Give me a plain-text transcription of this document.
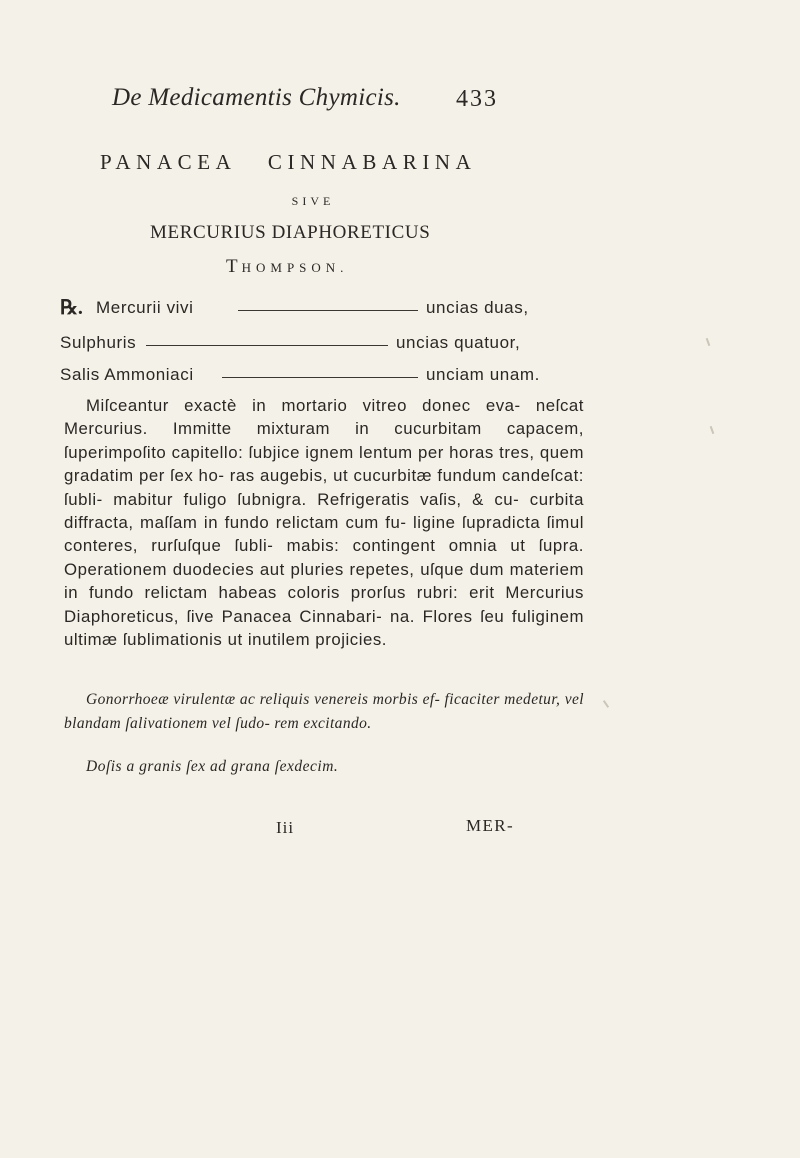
De Medicamentis Chymicis. 433
PANACEA   CINNABARINA
SIVE
MERCURIUS DIAPHORETICUS
THOMPSON.
℞. Mercurii vivi	uncias duas,
Sulphuris	uncias quatuor,
Salis Ammoniaci	unciam unam.
Miſceantur exactè in mortario vitreo donec eva- neſcat Mercurius. Immitte mixturam in cucurbitam capacem, ſuperimpoſito capitello: ſubjice ignem lentum per horas tres, quem gradatim per ſex ho- ras augebis, ut cucurbitæ fundum candeſcat: ſubli- mabitur fuligo ſubnigra. Refrigeratis vaſis, & cu- curbita diffracta, maſſam in fundo relictam cum fu- ligine ſupradicta ſimul conteres, rurſuſque ſubli- mabis: contingent omnia ut ſupra. Operationem duodecies aut pluries repetes, uſque dum materiem in fundo relictam habeas coloris prorſus rubri: erit Mercurius Diaphoreticus, ſive Panacea Cinnabari- na. Flores ſeu fuliginem ultimæ ſublimationis ut inutilem projicies.
Gonorrhoeæ virulentæ ac reliquis venereis morbis ef- ficaciter medetur, vel blandam ſalivationem vel ſudo- rem excitando.
Doſis a granis ſex ad grana ſexdecim.
Iii	MER-
